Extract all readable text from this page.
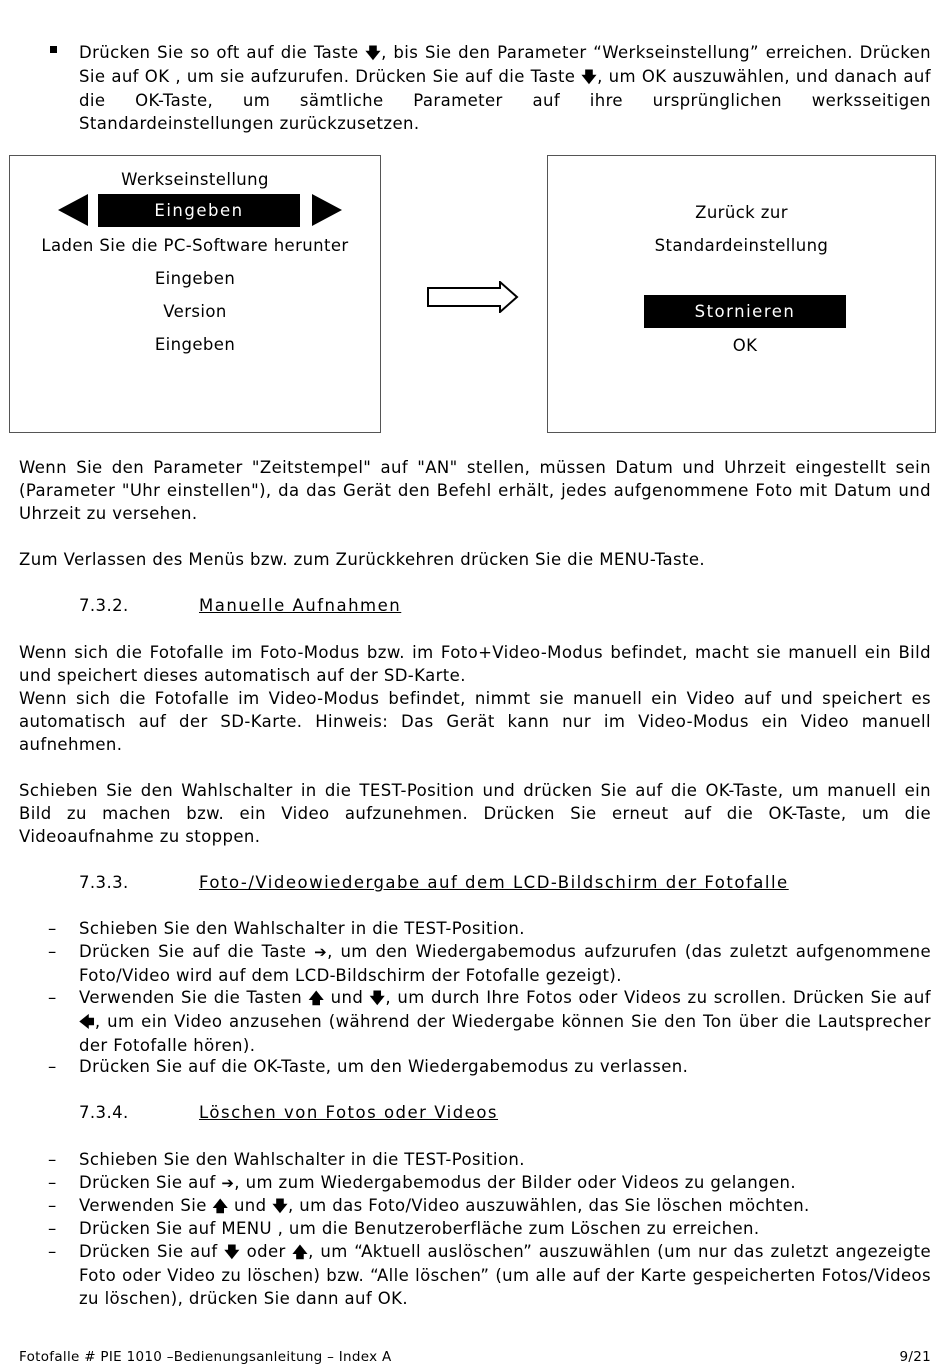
Drücken Sie so oft auf die Taste 🡇, bis Sie den Parameter “Werkseinstellung” erreichen. Drücken Sie auf OK , um sie aufzurufen. Drücken Sie auf die Taste 🡇, um OK auszuwählen, und danach auf die OK-Taste, um sämtliche Parameter auf ihre ursprünglichen werksseitigen Standardeinstellungen zurückzusetzen.
Werkseinstellung
Eingeben
Laden Sie die PC-Software herunter
Eingeben
Version
Eingeben
Zurück zur
Standardeinstellung
Stornieren
OK
Wenn Sie den Parameter "Zeitstempel" auf "AN" stellen, müssen Datum und Uhrzeit eingestellt sein (Parameter "Uhr einstellen"), da das Gerät den Befehl erhält, jedes aufgenommene Foto mit Datum und Uhrzeit zu versehen.
Zum Verlassen des Menüs bzw. zum Zurückkehren drücken Sie die MENU-Taste.
7.3.2.	Manuelle Aufnahmen
Wenn sich die Fotofalle im Foto-Modus bzw. im Foto+Video-Modus befindet, macht sie manuell ein Bild und speichert dieses automatisch auf der SD-Karte.
Wenn sich die Fotofalle im Video-Modus befindet, nimmt sie manuell ein Video auf und speichert es automatisch auf der SD-Karte. Hinweis: Das Gerät kann nur im Video-Modus ein Video manuell aufnehmen.
Schieben Sie den Wahlschalter in die TEST-Position und drücken Sie auf die OK-Taste, um manuell ein Bild zu machen bzw. ein Video aufzunehmen. Drücken Sie erneut auf die OK-Taste, um die Videoaufnahme zu stoppen.
7.3.3.	Foto-/Videowiedergabe auf dem LCD-Bildschirm der Fotofalle
– Schieben Sie den Wahlschalter in die TEST-Position.
– Drücken Sie auf die Taste ➔, um den Wiedergabemodus aufzurufen (das zuletzt aufgenommene Foto/Video wird auf dem LCD-Bildschirm der Fotofalle gezeigt).
– Verwenden Sie die Tasten 🡅 und 🡇, um durch Ihre Fotos oder Videos zu scrollen. Drücken Sie auf 🡄, um ein Video anzusehen (während der Wiedergabe können Sie den Ton über die Lautsprecher der Fotofalle hören).
– Drücken Sie auf die OK-Taste, um den Wiedergabemodus zu verlassen.
7.3.4.	Löschen von Fotos oder Videos
– Schieben Sie den Wahlschalter in die TEST-Position.
– Drücken Sie auf ➔, um zum Wiedergabemodus der Bilder oder Videos zu gelangen.
– Verwenden Sie 🡅 und 🡇, um das Foto/Video auszuwählen, das Sie löschen möchten.
– Drücken Sie auf MENU , um die Benutzeroberfläche zum Löschen zu erreichen.
– Drücken Sie auf 🡇 oder 🡅, um “Aktuell auslöschen” auszuwählen (um nur das zuletzt angezeigte Foto oder Video zu löschen) bzw. “Alle löschen” (um alle auf der Karte gespeicherten Fotos/Videos zu löschen), drücken Sie dann auf OK.
Fotofalle # PIE 1010 –Bedienungsanleitung – Index A	9/21
